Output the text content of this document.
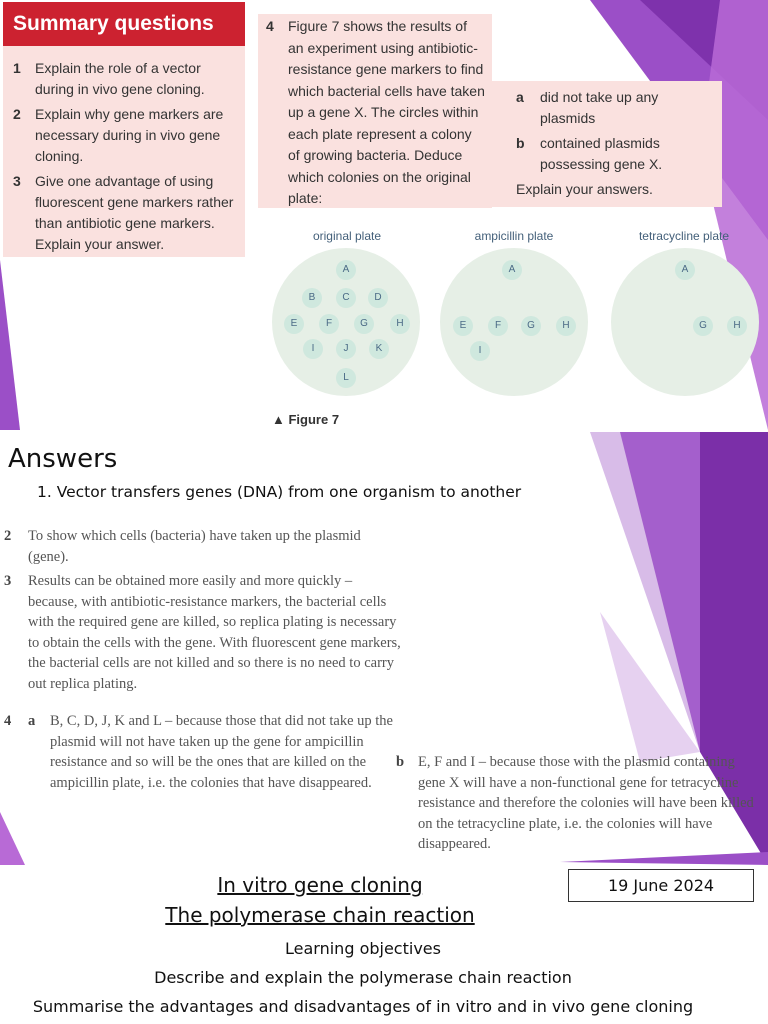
Summary questions
1	Explain the role of a vector during in vivo gene cloning.
2	Explain why gene markers are necessary during in vivo gene cloning.
3	Give one advantage of using fluorescent gene markers rather than antibiotic gene markers. Explain your answer.
4	Figure 7 shows the results of an experiment using antibiotic-resistance gene markers to find which bacterial cells have taken up a gene X. The circles within each plate represent a colony of growing bacteria. Deduce which colonies on the original plate:
a	did not take up any plasmids
b	contained plasmids possessing gene X.
Explain your answers.
original plate
A
B	C	D
E	F	G	H
I	J	K
L
ampicillin plate
A
E	F	G	H
I
tetracycline plate
A
G	H
▲ Figure 7
Answers
1. Vector transfers genes (DNA) from one organism to another
2	To show which cells (bacteria) have taken up the plasmid (gene).
3	Results can be obtained more easily and more quickly – because, with antibiotic-resistance markers, the bacterial cells with the required gene are killed, so replica plating is necessary to obtain the cells with the gene. With fluorescent gene markers, the bacterial cells are not killed and so there is no need to carry out replica plating.
4	a	B, C, D, J, K and L – because those that did not take up the plasmid will not have taken up the gene for ampicillin resistance and so will be the ones that are killed on the ampicillin plate, i.e. the colonies that have disappeared.
b E, F and I – because those with the plasmid containing gene X will have a non-functional gene for tetracycline resistance and therefore the colonies will have been killed on the tetracycline plate, i.e. the colonies will have disappeared.
In vitro gene cloning
The polymerase chain reaction
19 June 2024
Learning objectives
Describe and explain the polymerase chain reaction
Summarise the advantages and disadvantages of in vitro and in vivo gene cloning
